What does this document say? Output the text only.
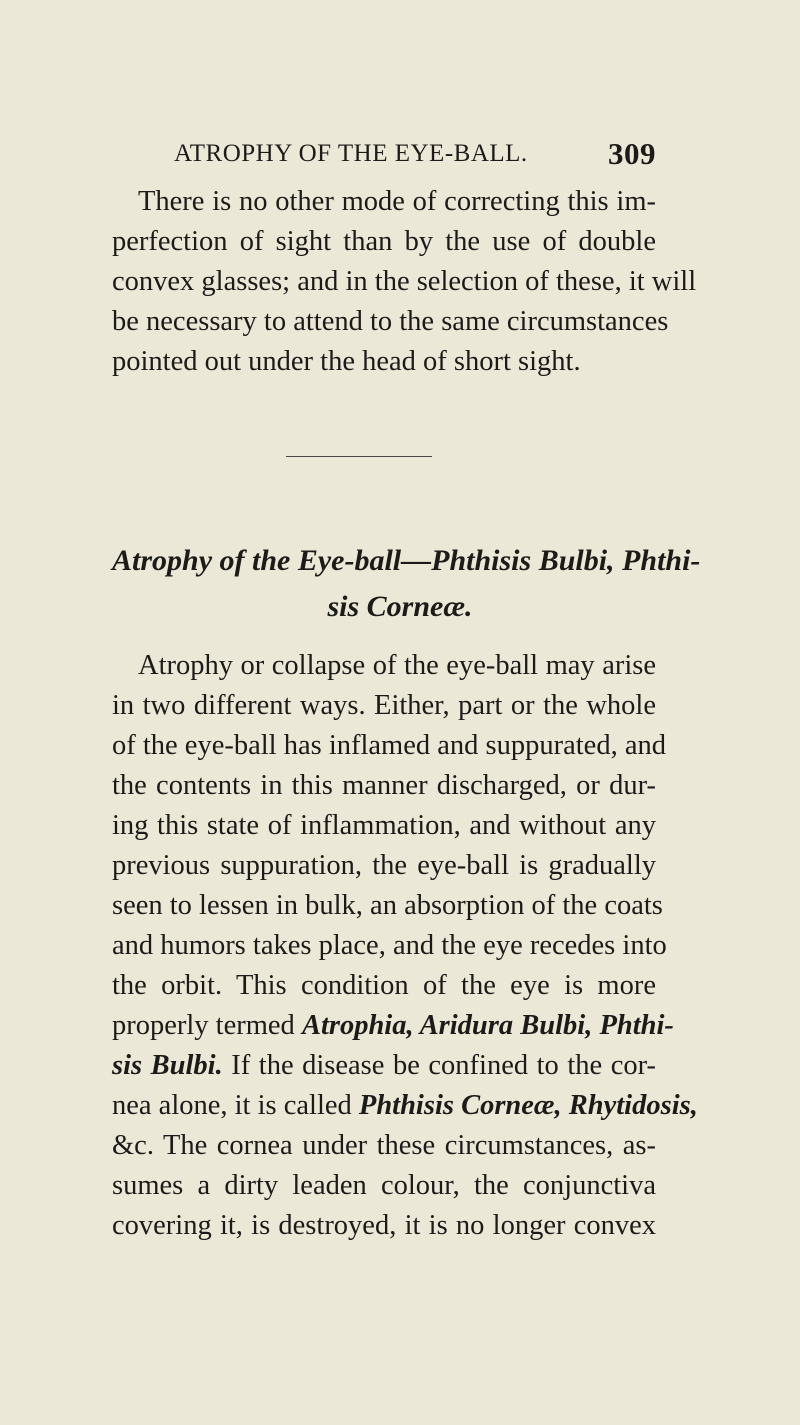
ATROPHY OF THE EYE-BALL.	309
There is no other mode of correcting this im-
perfection of sight than by the use of double
convex glasses; and in the selection of these, it will
be necessary to attend to the same circumstances
pointed out under the head of short sight.
Atrophy of the Eye-ball—Phthisis Bulbi, Phthi-
sis Corneæ.
Atrophy or collapse of the eye-ball may arise
in two different ways. Either, part or the whole
of the eye-ball has inflamed and suppurated, and
the contents in this manner discharged, or dur-
ing this state of inflammation, and without any
previous suppuration, the eye-ball is gradually
seen to lessen in bulk, an absorption of the coats
and humors takes place, and the eye recedes into
the orbit. This condition of the eye is more
properly termed Atrophia, Aridura Bulbi, Phthi-
sis Bulbi. If the disease be confined to the cor-
nea alone, it is called Phthisis Corneæ, Rhytidosis,
&c. The cornea under these circumstances, as-
sumes a dirty leaden colour, the conjunctiva
covering it, is destroyed, it is no longer convex
